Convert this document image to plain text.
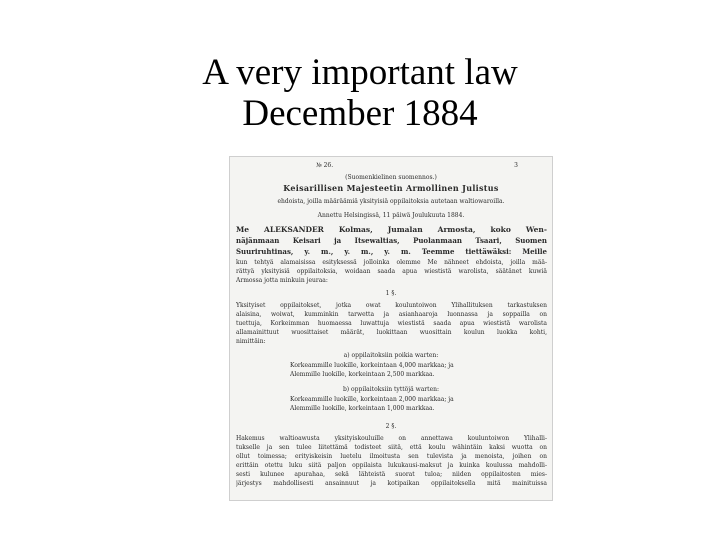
A very important law
December 1884
№ 26.	3
(Suomenkielinen suomennos.)
Keisarillisen Majesteetin Armollinen Julistus
ehdoista, joilla määräämiä yksityisiä oppilaitoksia autetaan waltiowaroilla.
Annettu Helsingissä, 11 päiwä Joulukuuta 1884.
Me ALEKSANDER Kolmas, Jumalan Armosta, koko Wen-
näjänmaan Keisari ja Itsewaltias, Puolanmaan Tsaari, Suomen
Suuriruhtinas, y. m., y. m., y. m. Teemme tiettäwäksi: Meille
kun tehtyä alamaisissa esityksessä jolloinka olemme Me nähneet ehdoista, joilla mää-
rättyä yksityisiä oppilaitoksia, woidaan saada apua wiestistä warolista, säätänet kuwiä
Armossa jotta minkuin jeuraa:
1 §.
Yksityiset oppilaitokset, jotka owat kouluntoiwon Ylihallituksen tarkastuksen
alaisina, woiwat, kumminkin tarwetta ja asianhaaroja luonnassa ja soppailla on
tuettuja, Korkeimman huomaessa luwattuja wiestistä saada apua wiestistä warolista
allamainittuut wuosittaiset määrät, luokittaan wuosittain koulun luokka kohti,
nimittäin:
a) oppilaitoksiin poikia warten:
Korkeammille luokille, korkeintaan 4,000 markkaa; ja
Alemmille luokille, korkeintaan 2,500 markkaa.
b) oppilaitoksiin tyttöjä warten:
Korkeammille luokille, korkeintaan 2,000 markkaa; ja
Alemmille luokille, korkeintaan 1,000 markkaa.
2 §.
Hakemus waltioawusta yksityiskouluille on annettawa kouluntoiwon Ylihalli-
tukselle ja sen tulee liitettämä todisteet siitä, että koulu wähintäin kaksi wuotta on
ollut toimessa; erityiskeisin luetelu ilmoitusta sen tulevista ja menoista, joihen on
erittäin otettu luku siitä paljon oppilaista lukukausi-maksut ja kuinka koulussa mahdolli-
sesti kulunee apurahaa, sekä lähteistä suorat tuloa; niiden oppilaitosten mies-
järjestys mahdollisesti ansainnuut ja kotipaikan oppilaitoksella mitä mainituissa
